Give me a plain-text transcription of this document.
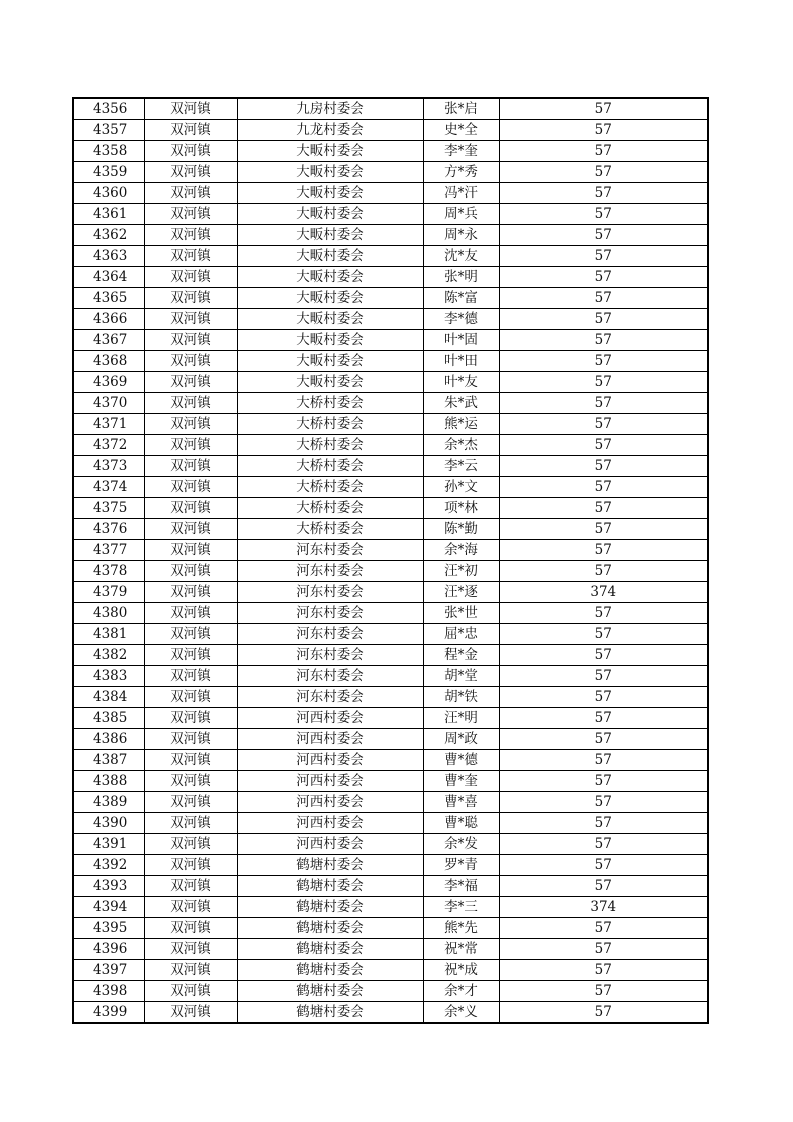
4356	双河镇	九房村委会	张*启	57
4357	双河镇	九龙村委会	史*全	57
4358	双河镇	大畈村委会	李*奎	57
4359	双河镇	大畈村委会	方*秀	57
4360	双河镇	大畈村委会	冯*汗	57
4361	双河镇	大畈村委会	周*兵	57
4362	双河镇	大畈村委会	周*永	57
4363	双河镇	大畈村委会	沈*友	57
4364	双河镇	大畈村委会	张*明	57
4365	双河镇	大畈村委会	陈*富	57
4366	双河镇	大畈村委会	李*德	57
4367	双河镇	大畈村委会	叶*固	57
4368	双河镇	大畈村委会	叶*田	57
4369	双河镇	大畈村委会	叶*友	57
4370	双河镇	大桥村委会	朱*武	57
4371	双河镇	大桥村委会	熊*运	57
4372	双河镇	大桥村委会	余*杰	57
4373	双河镇	大桥村委会	李*云	57
4374	双河镇	大桥村委会	孙*文	57
4375	双河镇	大桥村委会	项*林	57
4376	双河镇	大桥村委会	陈*勤	57
4377	双河镇	河东村委会	余*海	57
4378	双河镇	河东村委会	汪*初	57
4379	双河镇	河东村委会	汪*逐	374
4380	双河镇	河东村委会	张*世	57
4381	双河镇	河东村委会	屈*忠	57
4382	双河镇	河东村委会	程*金	57
4383	双河镇	河东村委会	胡*堂	57
4384	双河镇	河东村委会	胡*铁	57
4385	双河镇	河西村委会	汪*明	57
4386	双河镇	河西村委会	周*政	57
4387	双河镇	河西村委会	曹*德	57
4388	双河镇	河西村委会	曹*奎	57
4389	双河镇	河西村委会	曹*喜	57
4390	双河镇	河西村委会	曹*聪	57
4391	双河镇	河西村委会	余*发	57
4392	双河镇	鹤塘村委会	罗*青	57
4393	双河镇	鹤塘村委会	李*福	57
4394	双河镇	鹤塘村委会	李*三	374
4395	双河镇	鹤塘村委会	熊*先	57
4396	双河镇	鹤塘村委会	祝*常	57
4397	双河镇	鹤塘村委会	祝*成	57
4398	双河镇	鹤塘村委会	余*才	57
4399	双河镇	鹤塘村委会	余*义	57
